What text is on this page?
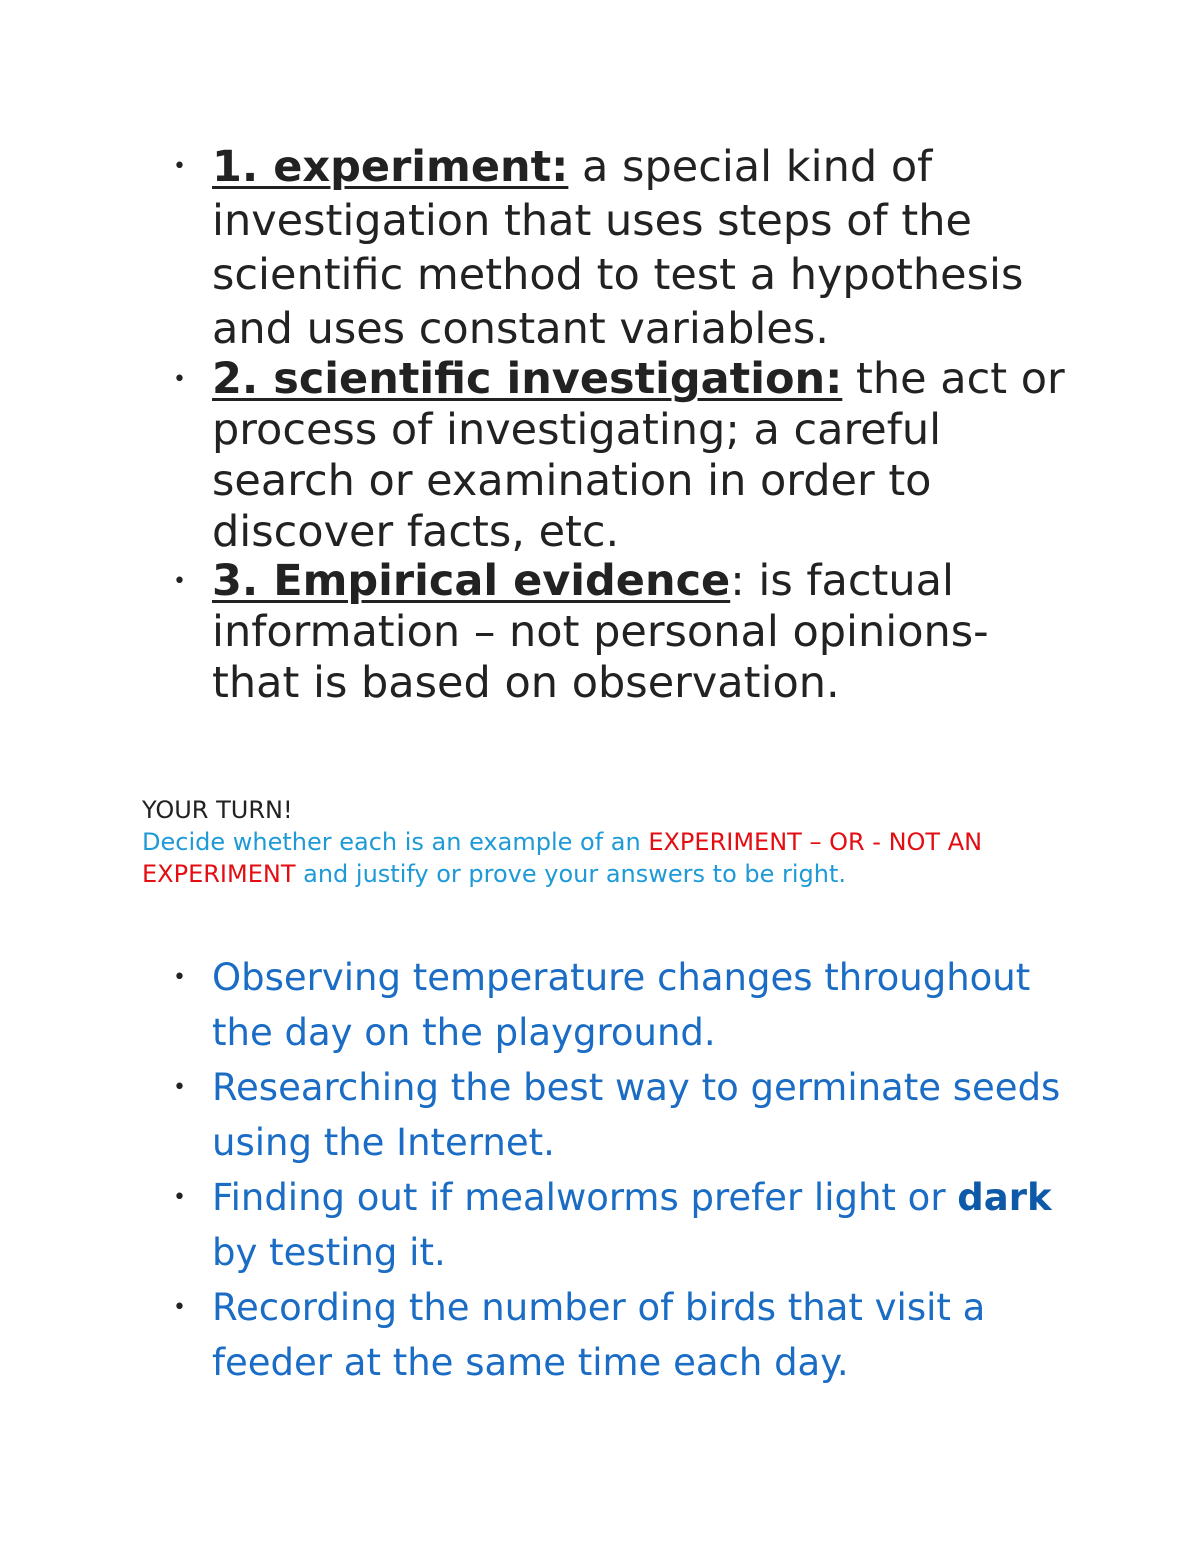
• 1. experiment: a special kind of investigation that uses steps of the scientific method to test a hypothesis and uses constant variables.
• 2. scientific investigation: the act or process of investigating; a careful search or examination in order to discover facts, etc.
• 3. Empirical evidence: is factual information – not personal opinions- that is based on observation.
YOUR TURN!
Decide whether each is an example of an EXPERIMENT – OR - NOT AN EXPERIMENT and justify or prove your answers to be right.
• Observing temperature changes throughout the day on the playground.
• Researching the best way to germinate seeds using the Internet.
• Finding out if mealworms prefer light or dark by testing it.
• Recording the number of birds that visit a feeder at the same time each day.
